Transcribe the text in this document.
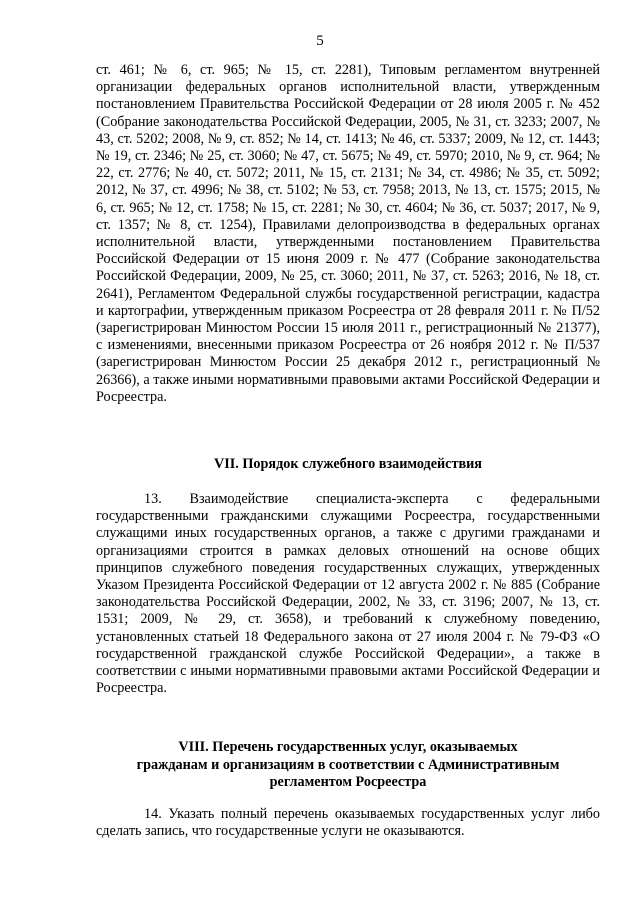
5
ст. 461; № 6, ст. 965; № 15, ст. 2281), Типовым регламентом внутренней организации федеральных органов исполнительной власти, утвержденным постановлением Правительства Российской Федерации от 28 июля 2005 г. № 452 (Собрание законодательства Российской Федерации, 2005, № 31, ст. 3233; 2007, № 43, ст. 5202; 2008, № 9, ст. 852; № 14, ст. 1413; № 46, ст. 5337; 2009, № 12, ст. 1443; № 19, ст. 2346; № 25, ст. 3060; № 47, ст. 5675; № 49, ст. 5970; 2010, № 9, ст. 964; № 22, ст. 2776; № 40, ст. 5072; 2011, № 15, ст. 2131; № 34, ст. 4986; № 35, ст. 5092; 2012, № 37, ст. 4996; № 38, ст. 5102; № 53, ст. 7958; 2013, № 13, ст. 1575; 2015, № 6, ст. 965; № 12, ст. 1758; № 15, ст. 2281; № 30, ст. 4604; № 36, ст. 5037; 2017, № 9, ст. 1357; № 8, ст. 1254), Правилами делопроизводства в федеральных органах исполнительной власти, утвержденными постановлением Правительства Российской Федерации от 15 июня 2009 г. № 477 (Собрание законодательства Российской Федерации, 2009, № 25, ст. 3060; 2011, № 37, ст. 5263; 2016, № 18, ст. 2641), Регламентом Федеральной службы государственной регистрации, кадастра и картографии, утвержденным приказом Росреестра от 28 февраля 2011 г. № П/52 (зарегистрирован Минюстом России 15 июля 2011 г., регистрационный № 21377), с изменениями, внесенными приказом Росреестра от 26 ноября 2012 г. № П/537 (зарегистрирован Минюстом России 25 декабря 2012 г., регистрационный № 26366), а также иными нормативными правовыми актами Российской Федерации и Росреестра.
VII. Порядок служебного взаимодействия
13. Взаимодействие специалиста-эксперта с федеральными государственными гражданскими служащими Росреестра, государственными служащими иных государственных органов, а также с другими гражданами и организациями строится в рамках деловых отношений на основе общих принципов служебного поведения государственных служащих, утвержденных Указом Президента Российской Федерации от 12 августа 2002 г. № 885 (Собрание законодательства Российской Федерации, 2002, № 33, ст. 3196; 2007, № 13, ст. 1531; 2009, № 29, ст. 3658), и требований к служебному поведению, установленных статьей 18 Федерального закона от 27 июля 2004 г. № 79-ФЗ «О государственной гражданской службе Российской Федерации», а также в соответствии с иными нормативными правовыми актами Российской Федерации и Росреестра.
VIII. Перечень государственных услуг, оказываемых
гражданам и организациям в соответствии с Административным
регламентом Росреестра
14. Указать полный перечень оказываемых государственных услуг либо сделать запись, что государственные услуги не оказываются.
